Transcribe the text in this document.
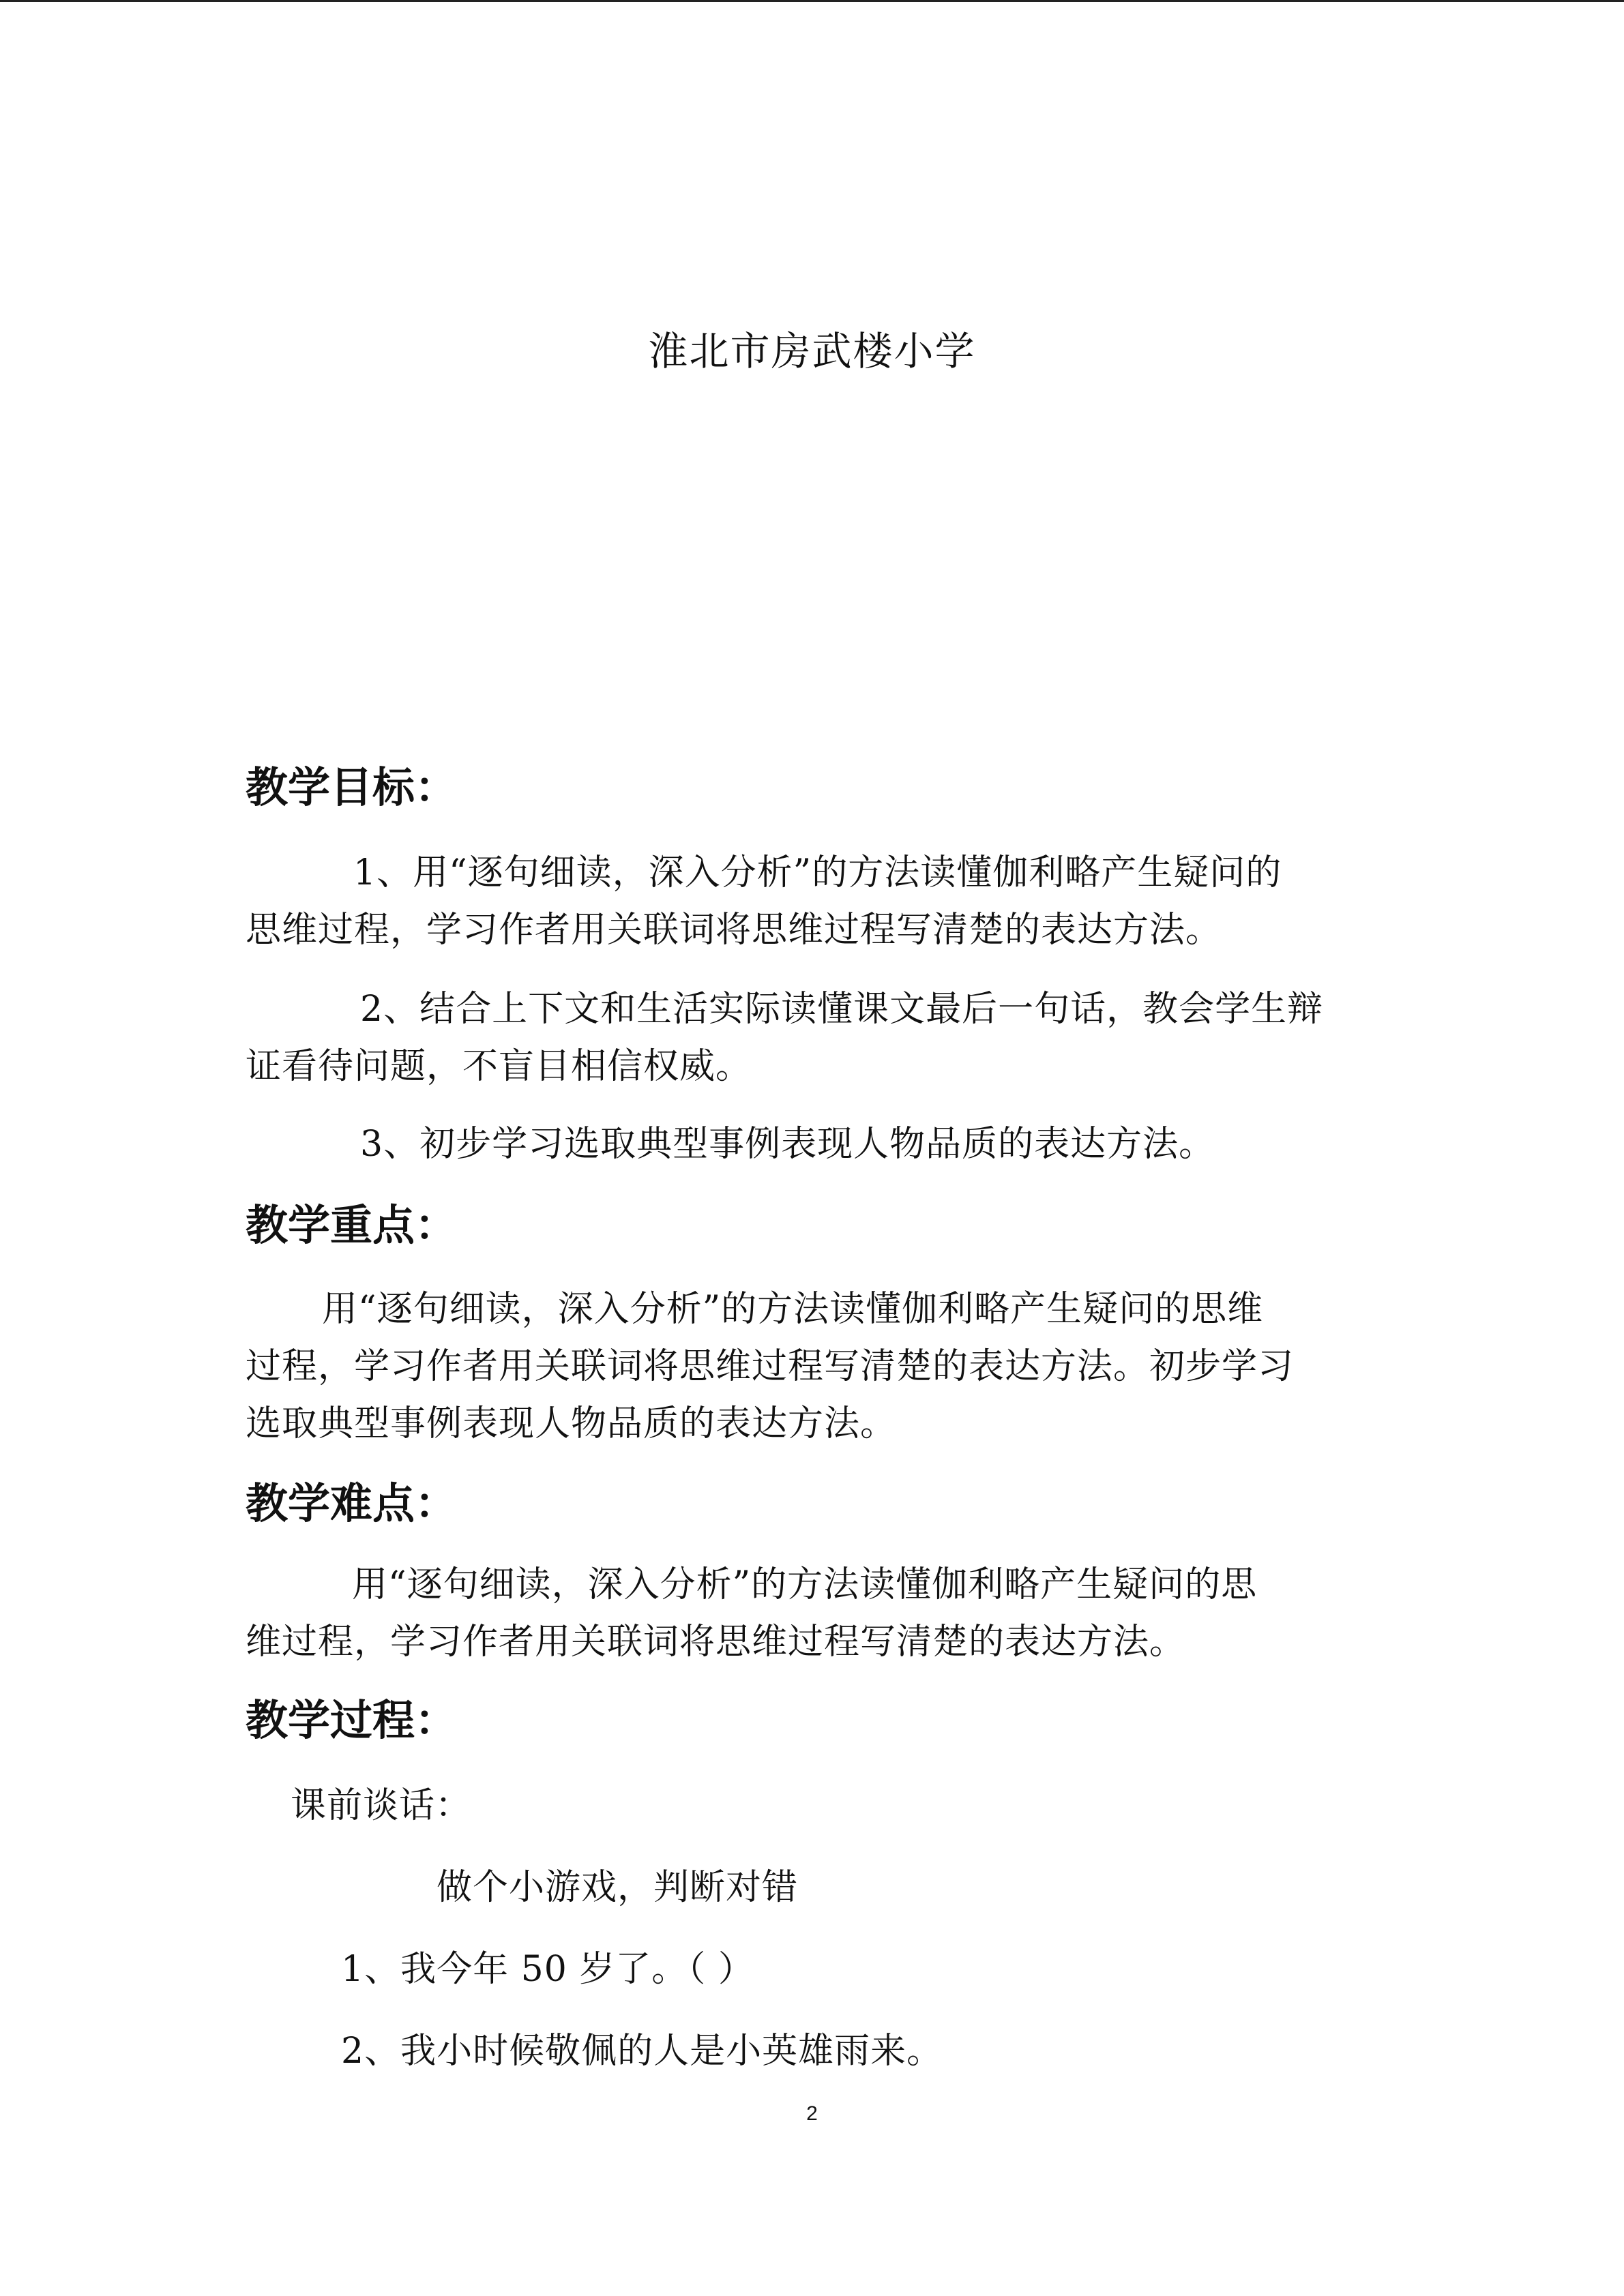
淮北市房武楼小学
教学目标：
1、用“逐句细读，深入分析”的方法读懂伽利略产生疑问的
思维过程，学习作者用关联词将思维过程写清楚的表达方法。
2、结合上下文和生活实际读懂课文最后一句话，教会学生辩
证看待问题，不盲目相信权威。
3、初步学习选取典型事例表现人物品质的表达方法。
教学重点：
用“逐句细读，深入分析”的方法读懂伽利略产生疑问的思维
过程，学习作者用关联词将思维过程写清楚的表达方法。初步学习
选取典型事例表现人物品质的表达方法。
教学难点：
用“逐句细读，深入分析”的方法读懂伽利略产生疑问的思
维过程，学习作者用关联词将思维过程写清楚的表达方法。
教学过程：
课前谈话：
做个小游戏，判断对错
1、我今年 50 岁了。（ ）
2、我小时候敬佩的人是小英雄雨来。
2
